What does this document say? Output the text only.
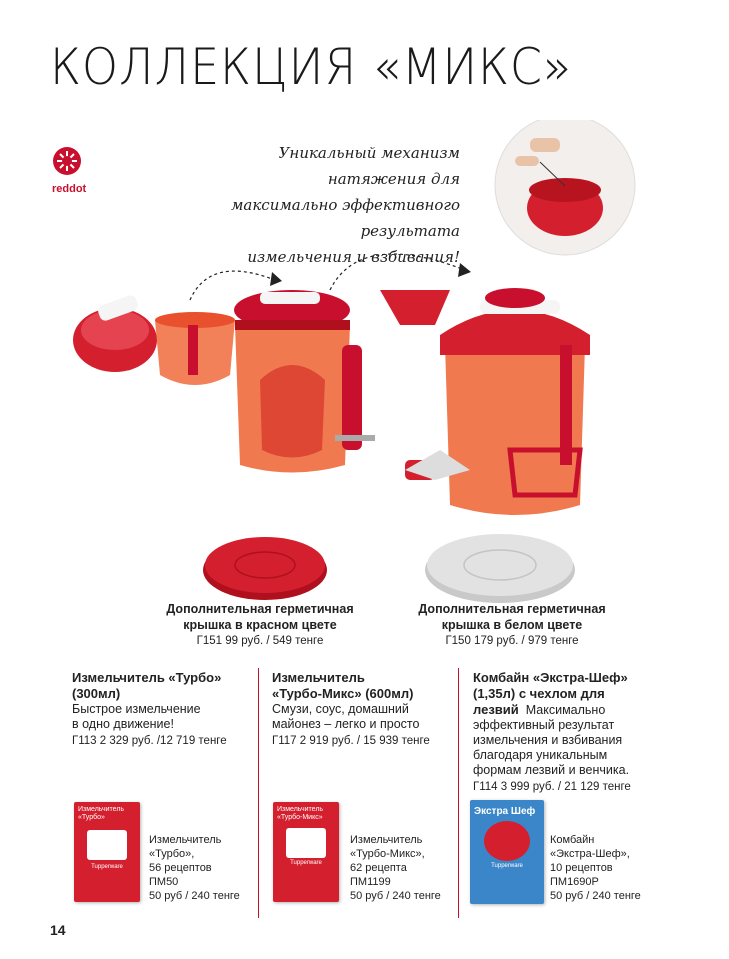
КОЛЛЕКЦИЯ «МИКС»
reddot
Уникальный механизм натяжения для
максимально эффективного результата
измельчения и взбивания!
Дополнительная герметичная
крышка в красном цвете
Г151 99 руб. / 549 тенге
Дополнительная герметичная
крышка в белом цвете
Г150 179 руб. / 979 тенге
Измельчитель «Турбо»
(300мл)
Быстрое измельчение
в одно движение!
Г113 2 329 руб. /12 719 тенге
Измельчитель
«Турбо-Микс» (600мл)
Смузи, соус, домашний
майонез – легко и просто
Г117 2 919 руб. / 15 939 тенге
Комбайн «Экстра-Шеф»
(1,35л) с чехлом для
лезвий Максимально
эффективный результат
измельчения и взбивания
благодаря уникальным
формам лезвий и венчика.
Г114 3 999 руб. / 21 129 тенге
Измельчитель «Турбо»
Tupperware
Измельчитель
«Турбо»,
56 рецептов
ПМ50
50 руб / 240 тенге
Измельчитель «Турбо-Микс»
Tupperware
Измельчитель
«Турбо-Микс»,
62 рецепта
ПМ1199
50 руб / 240 тенге
Экстра Шеф
Tupperware
Комбайн
«Экстра-Шеф»,
10 рецептов
ПМ1690Р
50 руб / 240 тенге
14
